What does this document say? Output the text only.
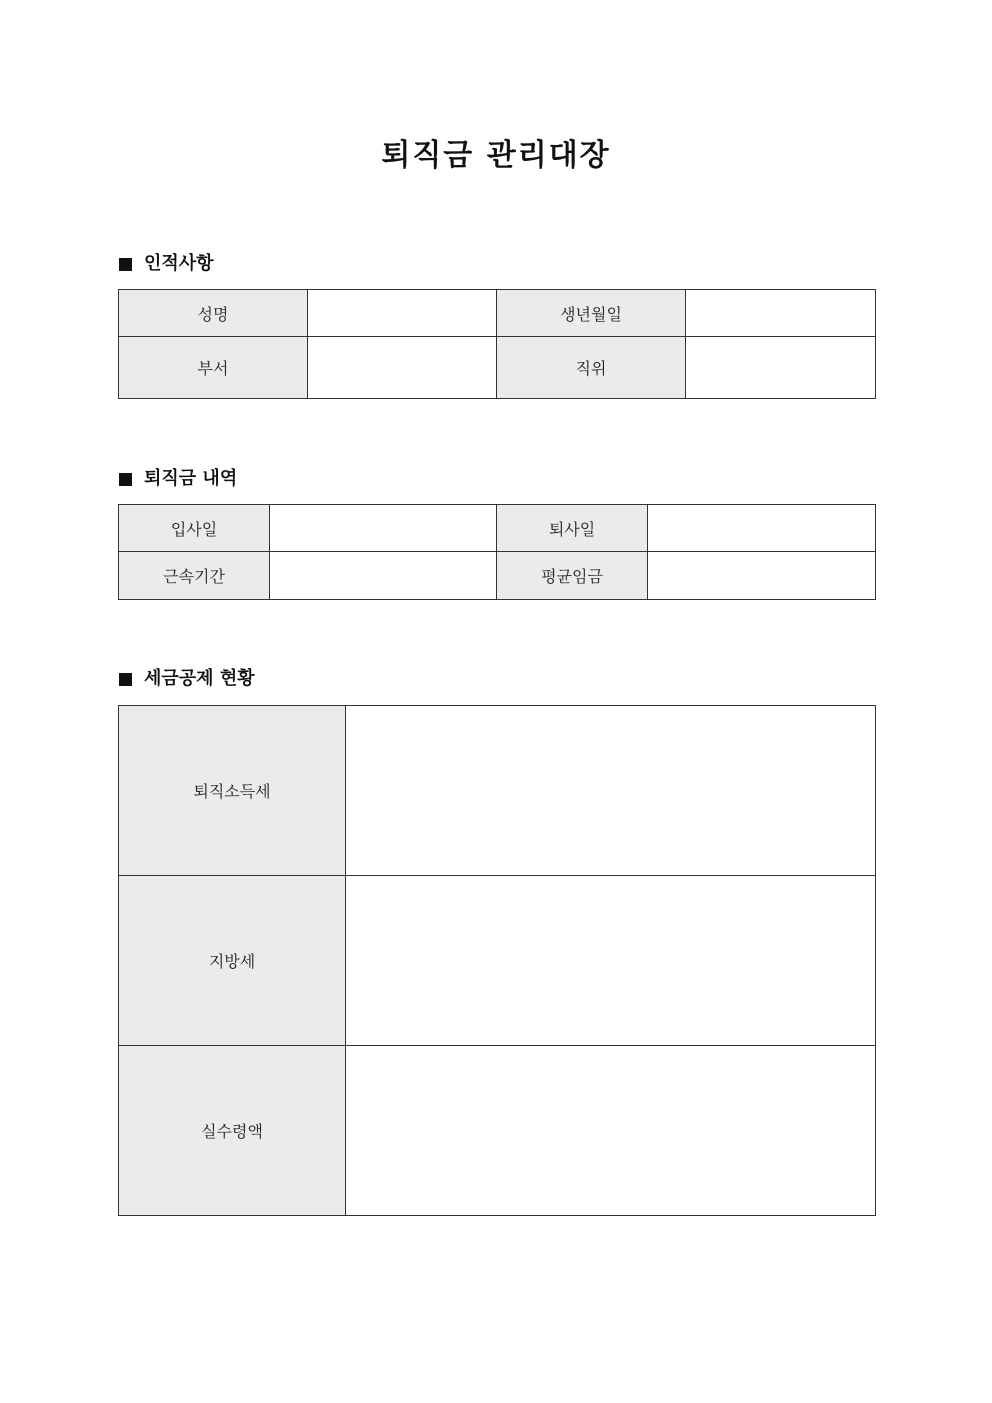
퇴직금 관리대장
인적사항
성명		생년월일	
부서		직위	
퇴직금 내역
입사일		퇴사일	
근속기간		평균임금	
세금공제 현황
퇴직소득세	
지방세	
실수령액	
